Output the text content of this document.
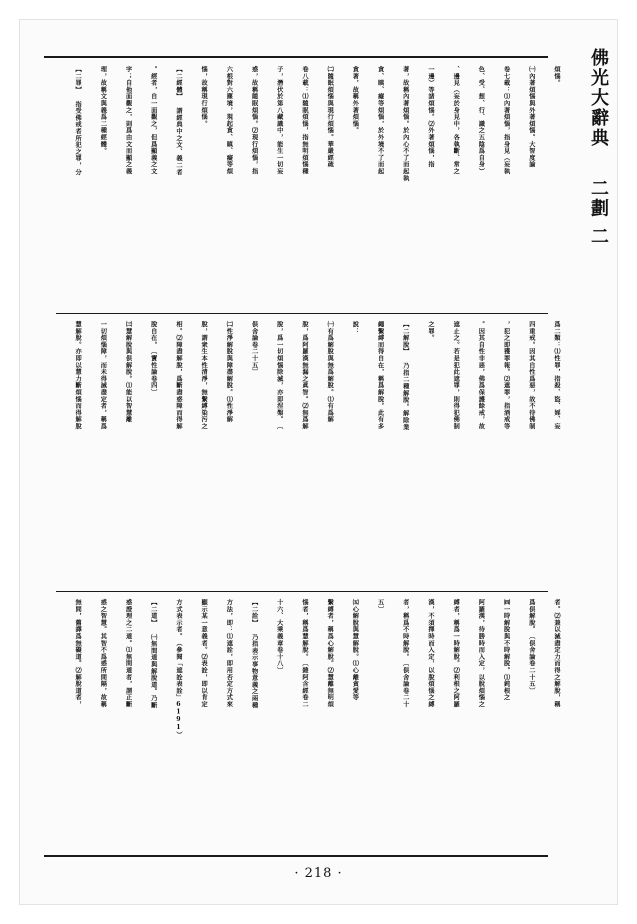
佛光大辭典  二劃 二
煩惱。
㈠內著煩惱與外著煩惱。大智度論
卷七載：⑴內著煩惱，指身見（妄執
色、受、想、行、識之五陰爲自身）
、邊見（妄於身見中，各執斷、常之
一邊）等諸煩惱。⑵外著煩惱，指
著，故稱內著煩惱。於內心不了而起執
貪、瞋、癡等煩惱，於外境不了而起
貪著，故稱外著煩惱。
㈡隨眠煩惱與現行煩惱。華嚴經疏
卷八載：⑴隨眠煩惱，指無明煩惱種
子，潛伏於第八藏識中，能生一切妄
惑，故稱隨眠煩惱。⑵現行煩惱，指
六根對六塵境，現起貪、瞋、癡等煩
惱，故稱現行煩惱。
【二經體】 謂經典中之文、義二者
。經者，自一面觀之，但爲顯義之文
字；自他面觀之，則爲由文而顯之義
理，故稱文與義爲二種經體。
【二罪】 指受佛戒者所犯之罪，分
爲二類：⑴性罪，指殺、盜、婬、妄
四重戒。因其自性爲惡，故不待佛制
，犯之即獲罪報。⑵遮罪，指酒戒等
。因其自性非惡，佛爲保護餘戒，故
遮止之。若是犯此遮罪，則得犯佛制
之罪。
【二解脫】 乃指二種解脫。解除業
繩繫縛而得自在，稱爲解脫。此有多
說：
㈠有爲解脫與無爲解脫。⑴有爲解
脫，爲阿羅漢無漏之眞智。⑵無爲解
脫，爲一切煩惱除滅，亦即涅槃。〔
俱舍論卷二十五〕
㈡性淨解脫與障盡解脫。⑴性淨解
脫，謂衆生本性清淨，無繫縛染污之
相。⑵障盡解脫，爲斷盡惑障而得解
脫自在。〔寶性論卷四〕
㈢慧解脫與俱解脫。⑴能以智慧離
一切煩惱障，而未得滅盡定者，稱爲
慧解脫。亦即以慧力斷煩惱而得解脫
者。⑵兼以滅盡定力而得之解脫，稱
爲俱解脫。〔俱舍論卷二十五〕
㈣一時解脫與不時解脫。⑴鈍根之
阿羅漢，待勝時而入定，以脫煩惱之
縛者，稱爲一時解脫。⑵利根之阿羅
漢，不須擇時而入定，以脫煩惱之縛
者，稱爲不時解脫。〔俱舍論卷二十
五〕
㈤心解脫與慧解脫。⑴心離貪愛等
繫縛者，稱爲心解脫。⑵慧離無明煩
惱者，稱爲慧解脫。〔雜阿含經卷二
十六、大乘義章卷十八〕
【二詮】 乃指表示事物意義之兩種
方法，即：⑴遮詮，即用否定方式來
顯示某一意義者。⑵表詮，即以肯定
方式表示者。（參閱「遮詮表詮」6191）
【二道】 ㈠無間道與解脫道。乃斷
惑證理之二道。⑴無間道者，謂正斷
惑之智慧。其智不爲惑所間隔，故稱
無間，舊譯爲無礙道。⑵解脫道者，
· 218 ·
